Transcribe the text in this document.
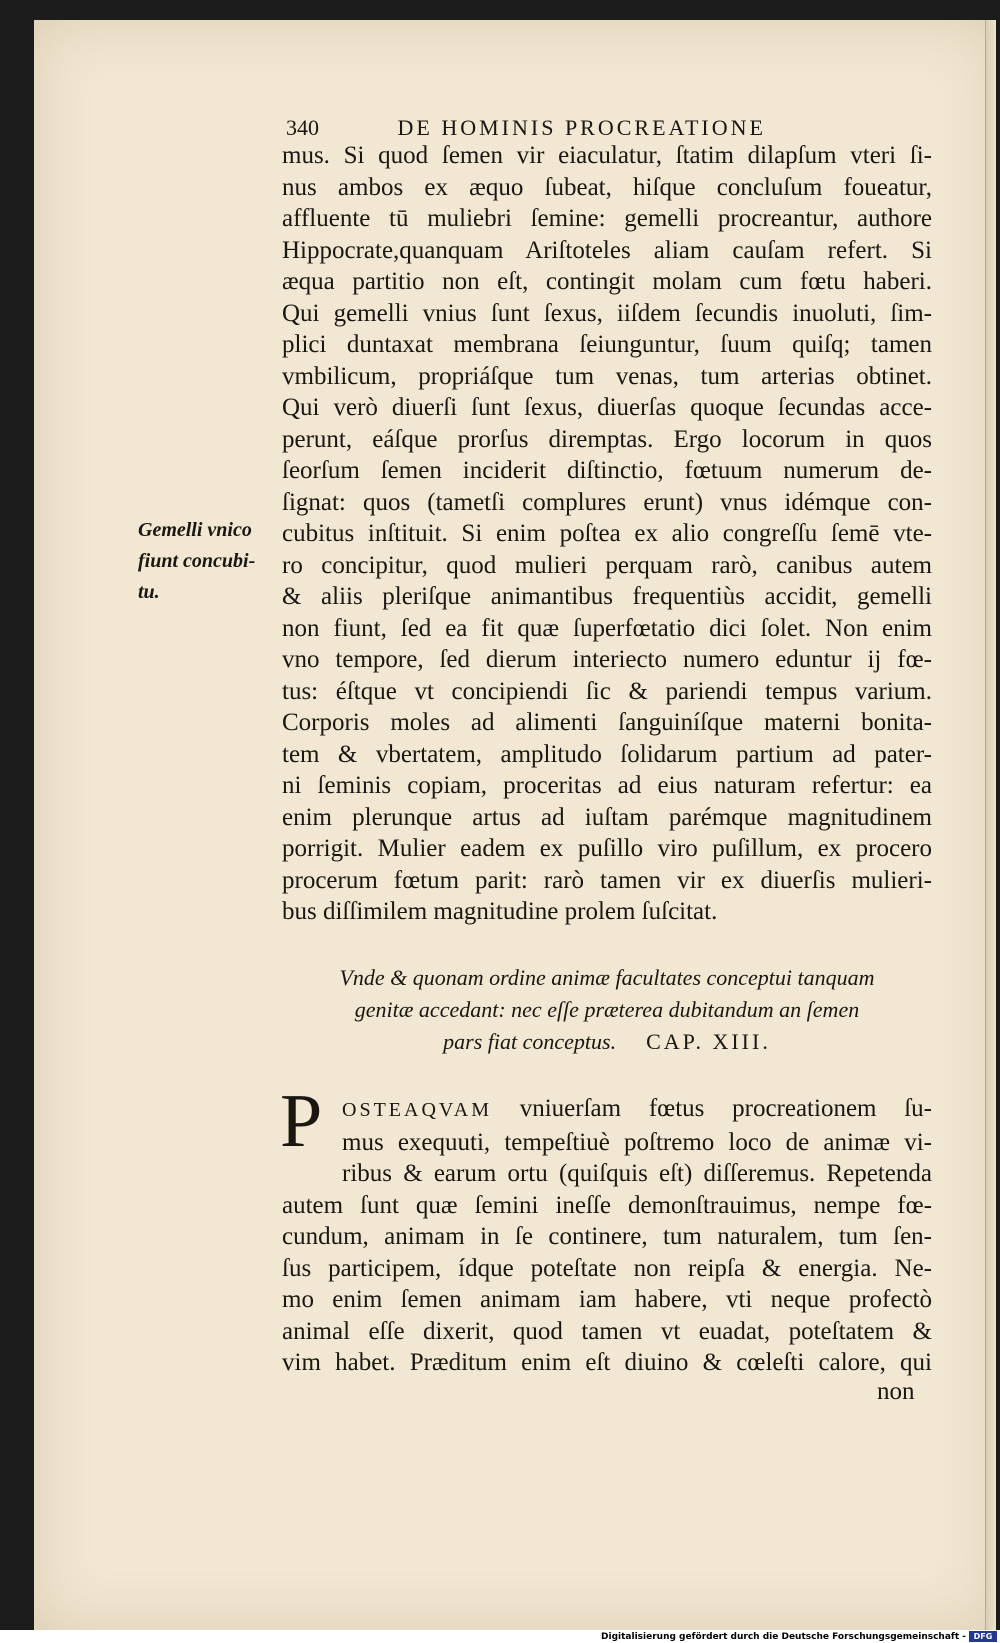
340	DE HOMINIS PROCREATIONE
mus. Si quod ſemen vir eiaculatur, ſtatim dilapſum vteri ſi-
nus ambos ex æquo ſubeat, hiſque concluſum foueatur,
affluente tū muliebri ſemine: gemelli procreantur, authore
Hippocrate,quanquam Ariſtoteles aliam cauſam refert. Si
æqua partitio non eſt, contingit molam cum fœtu haberi.
Qui gemelli vnius ſunt ſexus, iiſdem ſecundis inuoluti, ſim-
plici duntaxat membrana ſeiunguntur, ſuum quiſq; tamen
vmbilicum, propriáſque tum venas, tum arterias obtinet.
Qui verò diuerſi ſunt ſexus, diuerſas quoque ſecundas acce-
perunt, eáſque prorſus diremptas. Ergo locorum in quos
ſeorſum ſemen inciderit diſtinctio, fœtuum numerum de-
ſignat: quos (tametſi complures erunt) vnus idémque con-
cubitus inſtituit. Si enim poſtea ex alio congreſſu ſemē vte-
ro concipitur, quod mulieri perquam rarò, canibus autem
& aliis pleriſque animantibus frequentiùs accidit, gemelli
non fiunt, ſed ea fit quæ ſuperfœtatio dici ſolet. Non enim
vno tempore, ſed dierum interiecto numero eduntur ij fœ-
tus: éſtque vt concipiendi ſic & pariendi tempus varium.
Corporis moles ad alimenti ſanguiníſque materni bonita-
tem & vbertatem, amplitudo ſolidarum partium ad pater-
ni ſeminis copiam, proceritas ad eius naturam refertur: ea
enim plerunque artus ad iuſtam parémque magnitudinem
porrigit. Mulier eadem ex puſillo viro puſillum, ex procero
procerum fœtum parit: rarò tamen vir ex diuerſis mulieri-
bus diſſimilem magnitudine prolem ſuſcitat.
Gemelli vnico
fiunt concubi-
tu.
Vnde & quonam ordine animæ facultates conceptui tanquam
genitæ accedant: nec eſſe præterea dubitandum an ſemen
pars fiat conceptus. CAP. XIII.
P OSTEAQVAM vniuerſam fœtus procreationem ſu-
mus exequuti, tempeſtiuè poſtremo loco de animæ vi-
ribus & earum ortu (quiſquis eſt) diſſeremus. Repetenda
autem ſunt quæ ſemini ineſſe demonſtrauimus, nempe fœ-
cundum, animam in ſe continere, tum naturalem, tum ſen-
ſus participem, ídque poteſtate non reipſa & energia. Ne-
mo enim ſemen animam iam habere, vti neque profectò
animal eſſe dixerit, quod tamen vt euadat, poteſtatem &
vim habet. Præditum enim eſt diuino & cœleſti calore, qui
non
Digitalisierung gefördert durch die Deutsche Forschungsgemeinschaft - DFG
